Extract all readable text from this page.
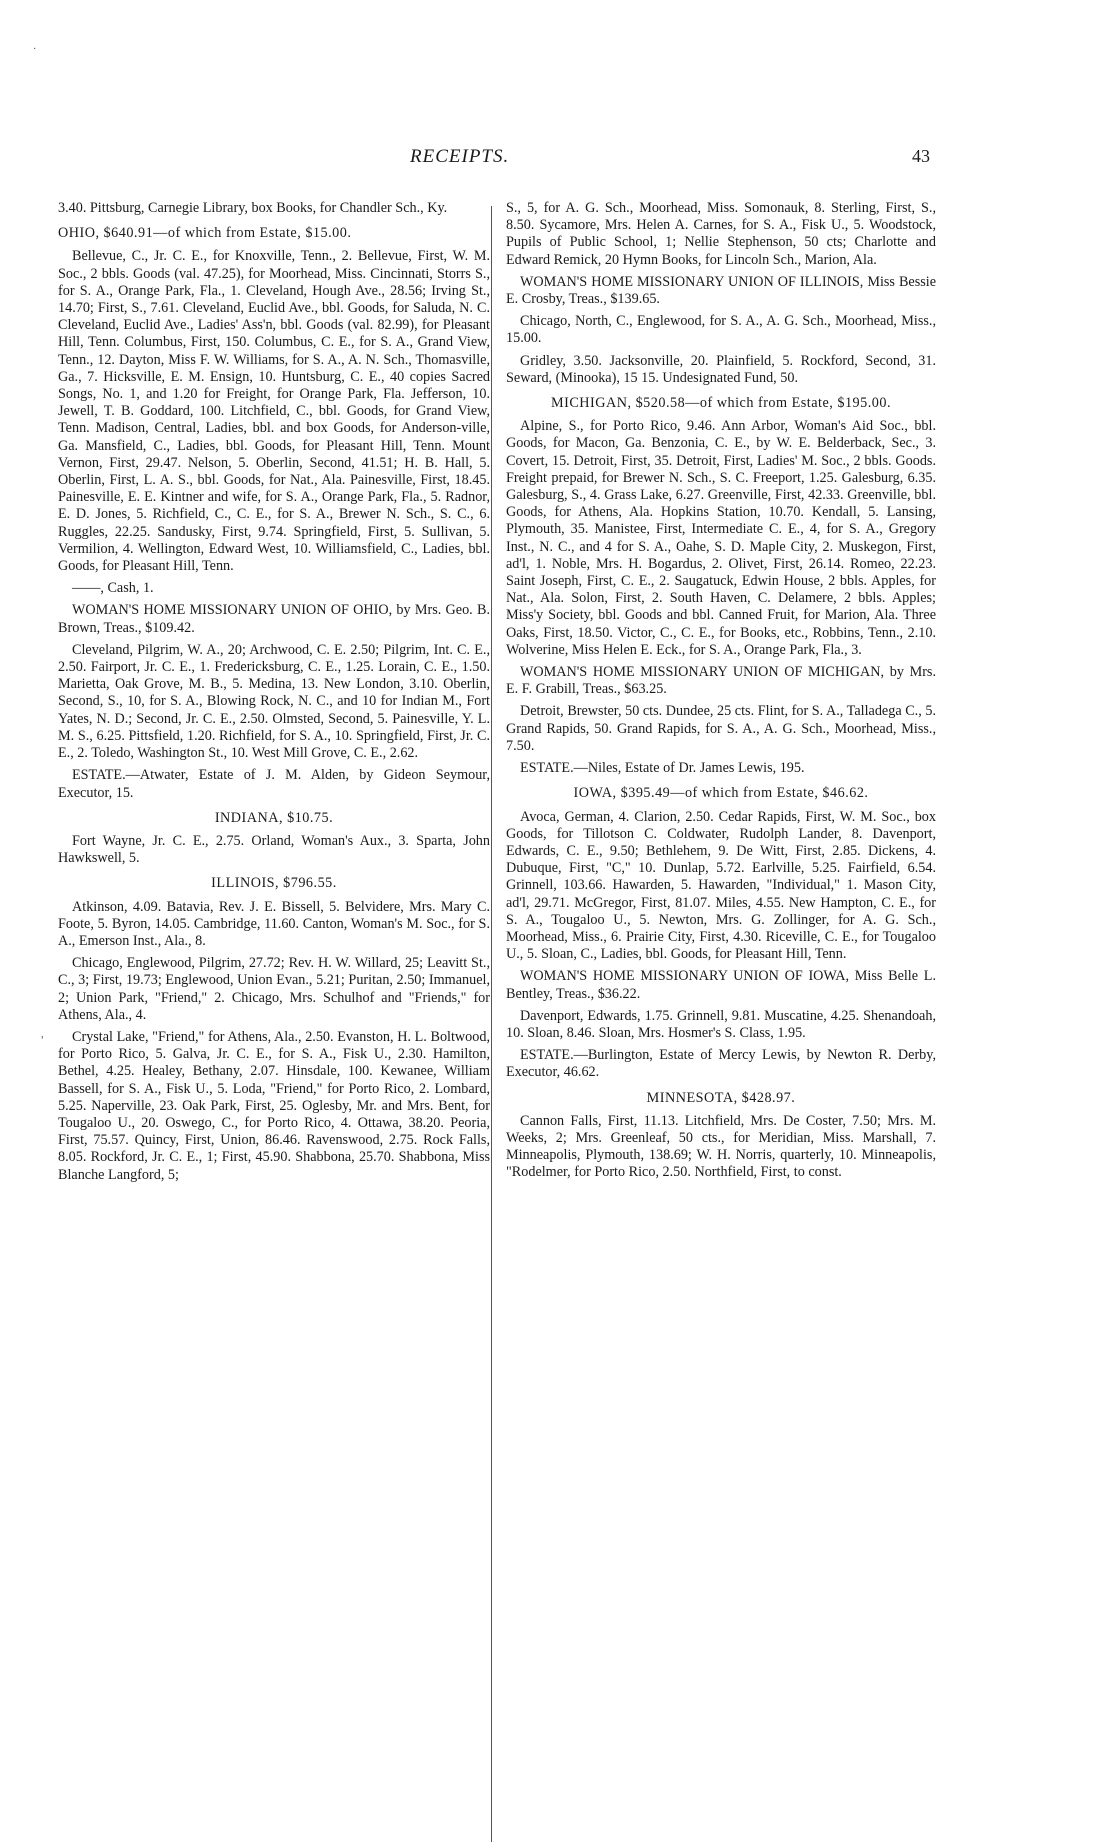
·
RECEIPTS.	43

3.40. Pittsburg, Carnegie Library, box Books, for Chandler Sch., Ky.

OHIO, $640.91—of which from Estate, $15.00.

Bellevue, C., Jr. C. E., for Knoxville, Tenn., 2. Bellevue, First, W. M. Soc., 2 bbls. Goods (val. 47.25), for Moorhead, Miss. Cincinnati, Storrs S., for S. A., Orange Park, Fla., 1. Cleveland, Hough Ave., 28.56; Irving St., 14.70; First, S., 7.61. Cleveland, Euclid Ave., bbl. Goods, for Saluda, N. C. Cleveland, Euclid Ave., Ladies' Ass'n, bbl. Goods (val. 82.99), for Pleasant Hill, Tenn. Columbus, First, 150. Columbus, C. E., for S. A., Grand View, Tenn., 12. Dayton, Miss F. W. Williams, for S. A., A. N. Sch., Thomasville, Ga., 7. Hicksville, E. M. Ensign, 10. Huntsburg, C. E., 40 copies Sacred Songs, No. 1, and 1.20 for Freight, for Orange Park, Fla. Jefferson, 10. Jewell, T. B. Goddard, 100. Litchfield, C., bbl. Goods, for Grand View, Tenn. Madison, Central, Ladies, bbl. and box Goods, for Anderson-ville, Ga. Mansfield, C., Ladies, bbl. Goods, for Pleasant Hill, Tenn. Mount Vernon, First, 29.47. Nelson, 5. Oberlin, Second, 41.51; H. B. Hall, 5. Oberlin, First, L. A. S., bbl. Goods, for Nat., Ala. Painesville, First, 18.45. Painesville, E. E. Kintner and wife, for S. A., Orange Park, Fla., 5. Radnor, E. D. Jones, 5. Richfield, C., C. E., for S. A., Brewer N. Sch., S. C., 6. Ruggles, 22.25. Sandusky, First, 9.74. Springfield, First, 5. Sullivan, 5. Vermilion, 4. Wellington, Edward West, 10. Williamsfield, C., Ladies, bbl. Goods, for Pleasant Hill, Tenn.

——, Cash, 1.

WOMAN'S HOME MISSIONARY UNION OF OHIO, by Mrs. Geo. B. Brown, Treas., $109.42.

Cleveland, Pilgrim, W. A., 20; Archwood, C. E. 2.50; Pilgrim, Int. C. E., 2.50. Fairport, Jr. C. E., 1. Fredericksburg, C. E., 1.25. Lorain, C. E., 1.50. Marietta, Oak Grove, M. B., 5. Medina, 13. New London, 3.10. Oberlin, Second, S., 10, for S. A., Blowing Rock, N. C., and 10 for Indian M., Fort Yates, N. D.; Second, Jr. C. E., 2.50. Olmsted, Second, 5. Painesville, Y. L. M. S., 6.25. Pittsfield, 1.20. Richfield, for S. A., 10. Springfield, First, Jr. C. E., 2. Toledo, Washington St., 10. West Mill Grove, C. E., 2.62.

ESTATE.—Atwater, Estate of J. M. Alden, by Gideon Seymour, Executor, 15.

INDIANA, $10.75.

Fort Wayne, Jr. C. E., 2.75. Orland, Woman's Aux., 3. Sparta, John Hawkswell, 5.

ILLINOIS, $796.55.

Atkinson, 4.09. Batavia, Rev. J. E. Bissell, 5. Belvidere, Mrs. Mary C. Foote, 5. Byron, 14.05. Cambridge, 11.60. Canton, Woman's M. Soc., for S. A., Emerson Inst., Ala., 8.

Chicago, Englewood, Pilgrim, 27.72; Rev. H. W. Willard, 25; Leavitt St., C., 3; First, 19.73; Englewood, Union Evan., 5.21; Puritan, 2.50; Immanuel, 2; Union Park, "Friend," 2. Chicago, Mrs. Schulhof and "Friends," for Athens, Ala., 4.

Crystal Lake, "Friend," for Athens, Ala., 2.50. Evanston, H. L. Boltwood, for Porto Rico, 5. Galva, Jr. C. E., for S. A., Fisk U., 2.30. Hamilton, Bethel, 4.25. Healey, Bethany, 2.07. Hinsdale, 100. Kewanee, William Bassell, for S. A., Fisk U., 5. Loda, "Friend," for Porto Rico, 2. Lombard, 5.25. Naperville, 23. Oak Park, First, 25. Oglesby, Mr. and Mrs. Bent, for Tougaloo U., 20. Oswego, C., for Porto Rico, 4. Ottawa, 38.20. Peoria, First, 75.57. Quincy, First, Union, 86.46. Ravenswood, 2.75. Rock Falls, 8.05. Rockford, Jr. C. E., 1; First, 45.90. Shabbona, 25.70. Shabbona, Miss Blanche Langford, 5;

S., 5, for A. G. Sch., Moorhead, Miss. Somonauk, 8. Sterling, First, S., 8.50. Sycamore, Mrs. Helen A. Carnes, for S. A., Fisk U., 5. Woodstock, Pupils of Public School, 1; Nellie Stephenson, 50 cts; Charlotte and Edward Remick, 20 Hymn Books, for Lincoln Sch., Marion, Ala.

WOMAN'S HOME MISSIONARY UNION OF ILLINOIS, Miss Bessie E. Crosby, Treas., $139.65.

Chicago, North, C., Englewood, for S. A., A. G. Sch., Moorhead, Miss., 15.00.

Gridley, 3.50. Jacksonville, 20. Plainfield, 5. Rockford, Second, 31. Seward, (Minooka), 15 15. Undesignated Fund, 50.

MICHIGAN, $520.58—of which from Estate, $195.00.

Alpine, S., for Porto Rico, 9.46. Ann Arbor, Woman's Aid Soc., bbl. Goods, for Macon, Ga. Benzonia, C. E., by W. E. Belderback, Sec., 3. Covert, 15. Detroit, First, 35. Detroit, First, Ladies' M. Soc., 2 bbls. Goods. Freight prepaid, for Brewer N. Sch., S. C. Freeport, 1.25. Galesburg, 6.35. Galesburg, S., 4. Grass Lake, 6.27. Greenville, First, 42.33. Greenville, bbl. Goods, for Athens, Ala. Hopkins Station, 10.70. Kendall, 5. Lansing, Plymouth, 35. Manistee, First, Intermediate C. E., 4, for S. A., Gregory Inst., N. C., and 4 for S. A., Oahe, S. D. Maple City, 2. Muskegon, First, ad'l, 1. Noble, Mrs. H. Bogardus, 2. Olivet, First, 26.14. Romeo, 22.23. Saint Joseph, First, C. E., 2. Saugatuck, Edwin House, 2 bbls. Apples, for Nat., Ala. Solon, First, 2. South Haven, C. Delamere, 2 bbls. Apples; Miss'y Society, bbl. Goods and bbl. Canned Fruit, for Marion, Ala. Three Oaks, First, 18.50. Victor, C., C. E., for Books, etc., Robbins, Tenn., 2.10. Wolverine, Miss Helen E. Eck., for S. A., Orange Park, Fla., 3.

WOMAN'S HOME MISSIONARY UNION OF MICHIGAN, by Mrs. E. F. Grabill, Treas., $63.25.

Detroit, Brewster, 50 cts. Dundee, 25 cts. Flint, for S. A., Talladega C., 5. Grand Rapids, 50. Grand Rapids, for S. A., A. G. Sch., Moorhead, Miss., 7.50.

ESTATE.—Niles, Estate of Dr. James Lewis, 195.

IOWA, $395.49—of which from Estate, $46.62.

Avoca, German, 4. Clarion, 2.50. Cedar Rapids, First, W. M. Soc., box Goods, for Tillotson C. Coldwater, Rudolph Lander, 8. Davenport, Edwards, C. E., 9.50; Bethlehem, 9. De Witt, First, 2.85. Dickens, 4. Dubuque, First, "C," 10. Dunlap, 5.72. Earlville, 5.25. Fairfield, 6.54. Grinnell, 103.66. Hawarden, 5. Hawarden, "Individual," 1. Mason City, ad'l, 29.71. McGregor, First, 81.07. Miles, 4.55. New Hampton, C. E., for S. A., Tougaloo U., 5. Newton, Mrs. G. Zollinger, for A. G. Sch., Moorhead, Miss., 6. Prairie City, First, 4.30. Riceville, C. E., for Tougaloo U., 5. Sloan, C., Ladies, bbl. Goods, for Pleasant Hill, Tenn.

WOMAN'S HOME MISSIONARY UNION OF IOWA, Miss Belle L. Bentley, Treas., $36.22.

Davenport, Edwards, 1.75. Grinnell, 9.81. Muscatine, 4.25. Shenandoah, 10. Sloan, 8.46. Sloan, Mrs. Hosmer's S. Class, 1.95.

ESTATE.—Burlington, Estate of Mercy Lewis, by Newton R. Derby, Executor, 46.62.

MINNESOTA, $428.97.

Cannon Falls, First, 11.13. Litchfield, Mrs. De Coster, 7.50; Mrs. M. Weeks, 2; Mrs. Greenleaf, 50 cts., for Meridian, Miss. Marshall, 7. Minneapolis, Plymouth, 138.69; W. H. Norris, quarterly, 10. Minneapolis, "Rodelmer, for Porto Rico, 2.50. Northfield, First, to const.

˒
